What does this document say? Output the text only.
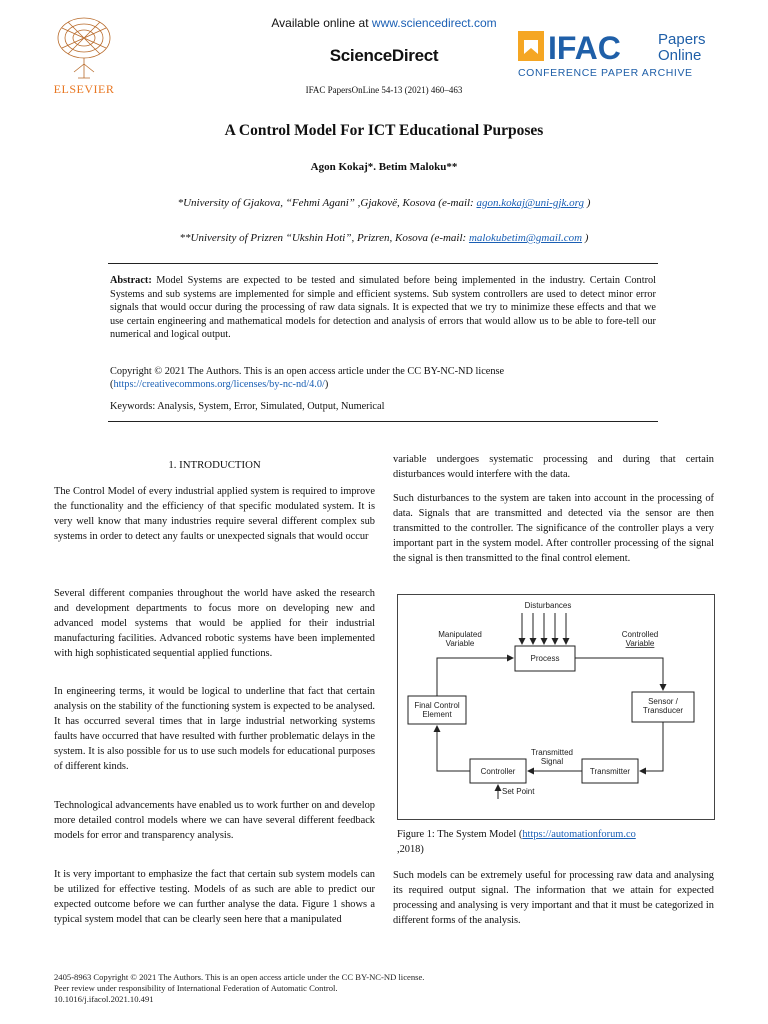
Available online at www.sciencedirect.com
ScienceDirect
IFAC PapersOnLine 54-13 (2021) 460–463
ELSEVIER
IFAC Papers
Online
CONFERENCE PAPER ARCHIVE
A Control Model For ICT Educational Purposes
Agon Kokaj*. Betim Maloku**
*University of Gjakova, “Fehmi Agani” ,Gjakovë, Kosova (e-mail: agon.kokaj@uni-gjk.org )
**University of Prizren “Ukshin Hoti”, Prizren, Kosova (e-mail: malokubetim@gmail.com )
Abstract: Model Systems are expected to be tested and simulated before being implemented in the industry. Certain Control Systems and sub systems are implemented for simple and efficient systems. Sub system controllers are used to detect minor error signals that would occur during the processing of raw data signals. It is expected that we try to minimize these effects and that we use certain engineering and mathematical models for detection and analysis of errors that would allow us to be able to fore-tell our numerical and logical output.
Copyright © 2021 The Authors. This is an open access article under the CC BY-NC-ND license
(https://creativecommons.org/licenses/by-nc-nd/4.0/)
Keywords: Analysis, System, Error, Simulated, Output, Numerical
1. INTRODUCTION
The Control Model of every industrial applied system is required to improve the functionality and the efficiency of that specific modulated system. It is very well know that many industries require several different complex sub systems in order to detect any faults or unexpected signals that would occur
Several different companies throughout the world have asked the research and development departments to focus more on developing new and advanced model systems that would be applied for their industrial manufacturing facilities. Advanced robotic systems have been implemented with high sophisticated sequential applied functions.
In engineering terms, it would be logical to underline that fact that certain analysis on the stability of the functioning system is expected to be analysed. It has occurred several times that in large industrial networking systems faults have occurred that have resulted with further problematic delays in the system. It is also possible for us to use such models for educational purposes of different kinds.
Technological advancements have enabled us to work further on and develop more detailed control models where we can have several different feedback models for error and transparency analysis.
It is very important to emphasize the fact that certain sub system models can be utilized for effective testing. Models of as such are able to predict our expected outcome before we can further analyse the data. Figure 1 shows a typical system model that can be clearly seen here that a manipulated
variable undergoes systematic processing and during that certain disturbances would interfere with the data.
Such disturbances to the system are taken into account in the processing of data. Signals that are transmitted and detected via the sensor are then transmitted to the controller. The significance of the controller plays a very important part in the system model. After controller processing of the signal the signal is then transmitted to the final control element.
Disturbances
Manipulated
Variable
Controlled
Variable
Process
Final Control
Element
Sensor /
Transducer
Transmitted
Signal
Controller	Transmitter
Set Point
Figure 1: The System Model (https://automationforum.co
,2018)
Such models can be extremely useful for processing raw data and analysing its required output signal. The information that we attain for expected processing and analysing is very important and that it must be categorized in different forms of the analysis.
2405-8963 Copyright © 2021 The Authors. This is an open access article under the CC BY-NC-ND license.
Peer review under responsibility of International Federation of Automatic Control.
10.1016/j.ifacol.2021.10.491
